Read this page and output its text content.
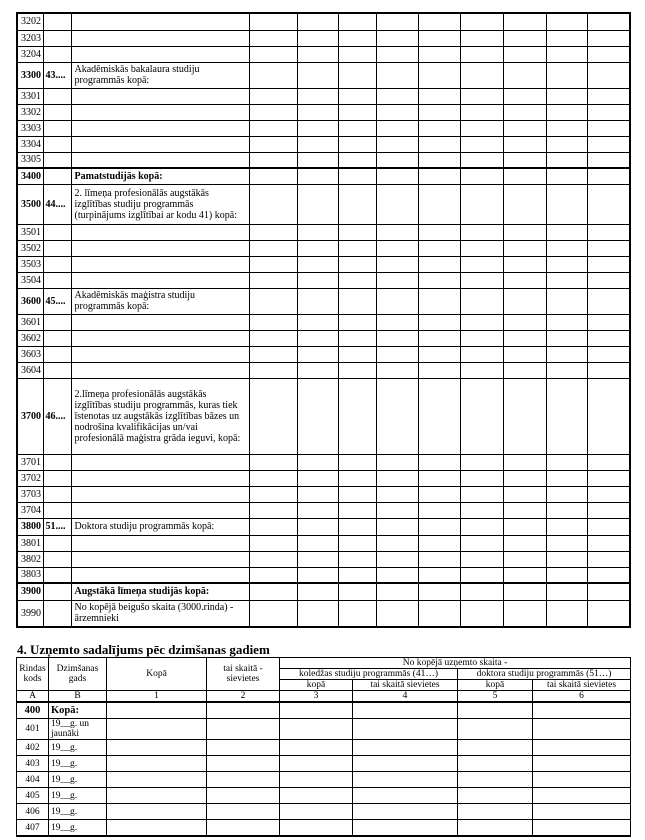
3202											
3203											
3204											
3300	43....	Akadēmiskās bakalaura studiju programmās kopā:									
3301											
3302											
3303											
3304											
3305											
3400		Pamatstudijās kopā:									
3500	44....	2. līmeņa profesionālās augstākās izglītības studiju programmās (turpinājums izglītībai ar kodu 41) kopā:									
3501											
3502											
3503											
3504											
3600	45....	Akadēmiskās maģistra studiju programmās kopā:									
3601											
3602											
3603											
3604											
3700	46....	2.līmeņa profesionālās augstākās izglītības studiju programmās, kuras tiek īstenotas uz augstākās izglītības bāzes un nodrošina kvalifikācijas un/vai profesionālā maģistra grāda ieguvi, kopā:									
3701											
3702											
3703											
3704											
3800	51....	Doktora studiju programmās kopā:									
3801											
3802											
3803											
3900		Augstākā līmeņa studijās kopā:									
3990		No kopējā beigušo skaita (3000.rinda) - ārzemnieki									
4. Uzņemto sadalījums pēc dzimšanas gadiem
Rindas kods	Dzimšanas gads	Kopā	tai skaitā - sievietes	No kopējā uzņemto skaita -			
				koledžas studiju programmās (41…)		doktora studiju programmās (51…)	
				kopā	tai skaitā sievietes	kopā	tai skaitā sievietes
A	B	1	2	3	4	5	6
400	Kopā:						
401	19__g. un jaunāki						
402	19__g.						
403	19__g.						
404	19__g.						
405	19__g.						
406	19__g.						
407	19__g.						
